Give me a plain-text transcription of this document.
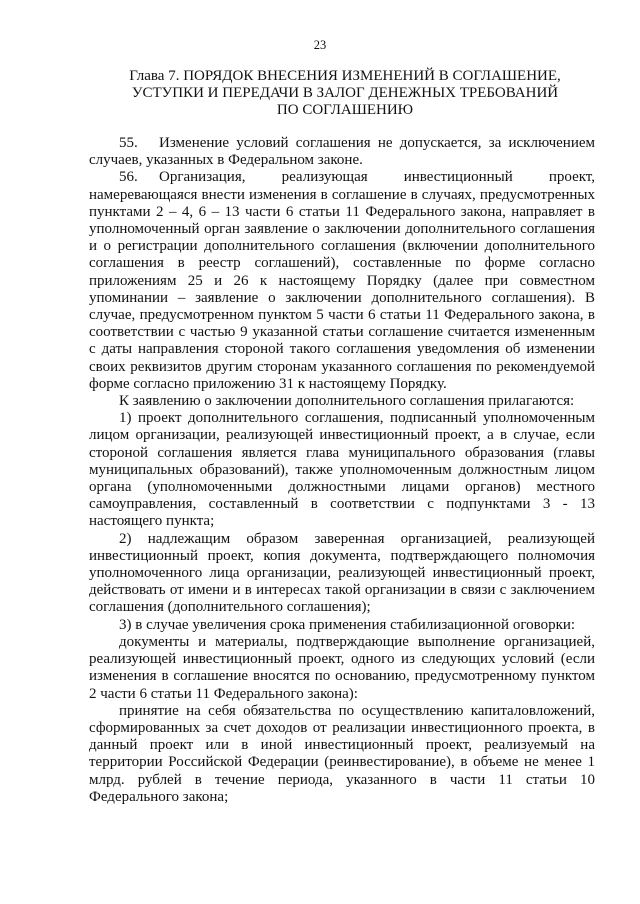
23
Глава 7. ПОРЯДОК ВНЕСЕНИЯ ИЗМЕНЕНИЙ В СОГЛАШЕНИЕ,
УСТУПКИ И ПЕРЕДАЧИ В ЗАЛОГ ДЕНЕЖНЫХ ТРЕБОВАНИЙ
ПО СОГЛАШЕНИЮ

55. Изменение условий соглашения не допускается, за исключением случаев, указанных в Федеральном законе.

56. Организация, реализующая инвестиционный проект, намеревающаяся внести изменения в соглашение в случаях, предусмотренных пунктами 2 – 4, 6 – 13 части 6 статьи 11 Федерального закона, направляет в уполномоченный орган заявление о заключении дополнительного соглашения и о регистрации дополнительного соглашения (включении дополнительного соглашения в реестр соглашений), составленные по форме согласно приложениям 25 и 26 к настоящему Порядку (далее при совместном упоминании – заявление о заключении дополнительного соглашения). В случае, предусмотренном пунктом 5 части 6 статьи 11 Федерального закона, в соответствии с частью 9 указанной статьи соглашение считается измененным с даты направления стороной такого соглашения уведомления об изменении своих реквизитов другим сторонам указанного соглашения по рекомендуемой форме согласно приложению 31 к настоящему Порядку.

К заявлению о заключении дополнительного соглашения прилагаются:

1) проект дополнительного соглашения, подписанный уполномоченным лицом организации, реализующей инвестиционный проект, а в случае, если стороной соглашения является глава муниципального образования (главы муниципальных образований), также уполномоченным должностным лицом органа (уполномоченными должностными лицами органов) местного самоуправления, составленный в соответствии с подпунктами 3 - 13 настоящего пункта;

2) надлежащим образом заверенная организацией, реализующей инвестиционный проект, копия документа, подтверждающего полномочия уполномоченного лица организации, реализующей инвестиционный проект, действовать от имени и в интересах такой организации в связи с заключением соглашения (дополнительного соглашения);

3) в случае увеличения срока применения стабилизационной оговорки:

документы и материалы, подтверждающие выполнение организацией, реализующей инвестиционный проект, одного из следующих условий (если изменения в соглашение вносятся по основанию, предусмотренному пунктом 2 части 6 статьи 11 Федерального закона):

принятие на себя обязательства по осуществлению капиталовложений, сформированных за счет доходов от реализации инвестиционного проекта, в данный проект или в иной инвестиционный проект, реализуемый на территории Российской Федерации (реинвестирование), в объеме не менее 1 млрд. рублей в течение периода, указанного в части 11 статьи 10 Федерального закона;
